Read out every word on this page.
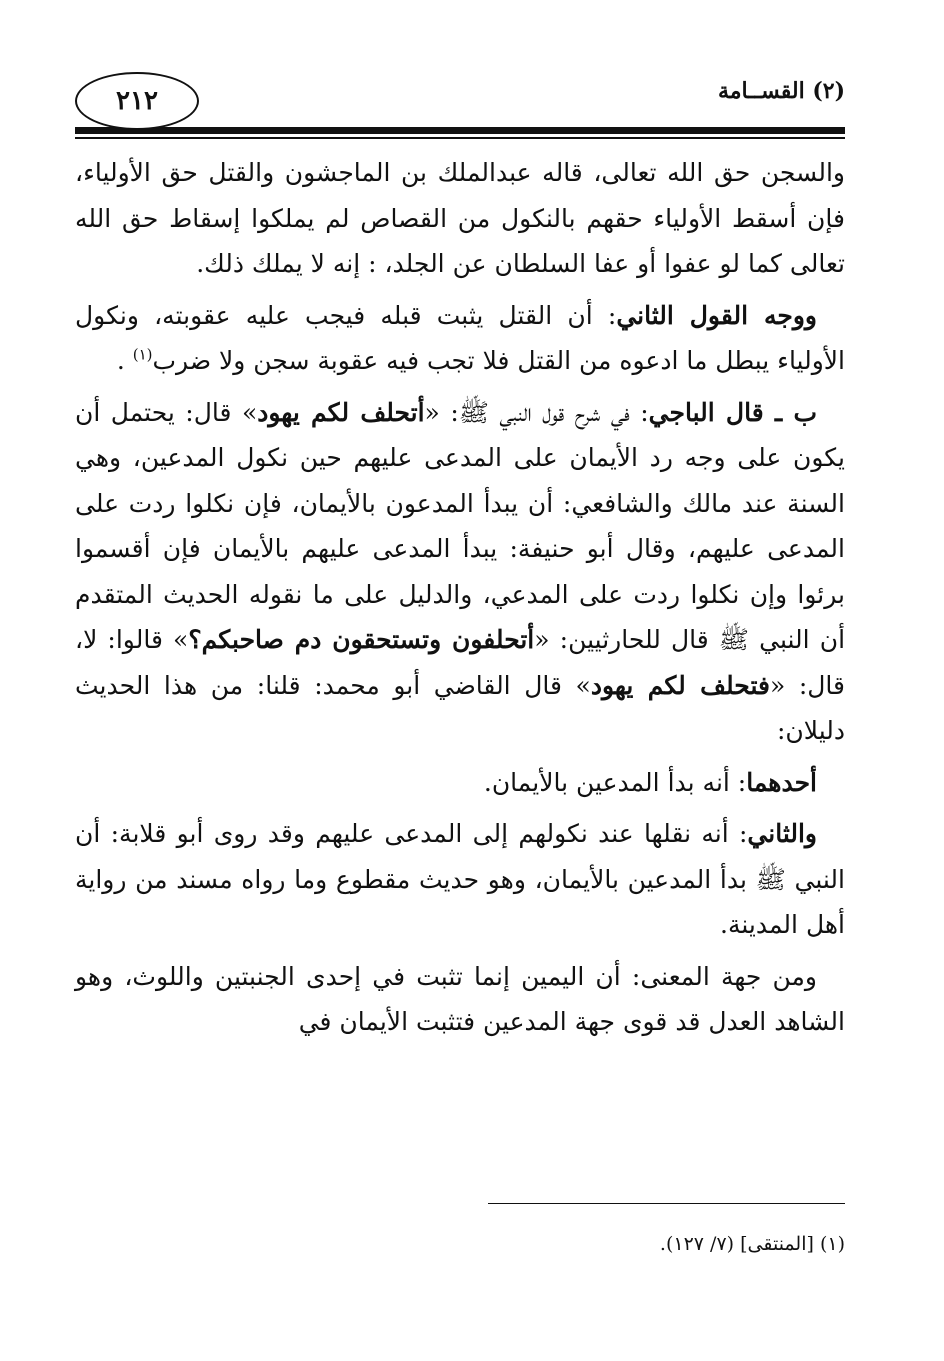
٢١٢	(٢) القســامة

والسجن حق الله تعالى، قاله عبدالملك بن الماجشون والقتل حق الأولياء، فإن أسقط الأولياء حقهم بالنكول من القصاص لم يملكوا إسقاط حق الله تعالى كما لو عفوا أو عفا السلطان عن الجلد، : إنه لا يملك ذلك.

ووجه القول الثاني: أن القتل يثبت قبله فيجب عليه عقوبته، ونكول الأولياء يبطل ما ادعوه من القتل فلا تجب فيه عقوبة سجن ولا ضرب$^{(١)}$ .

ب ـ قال الباجي: في شرح قول النبي ﷺ: «أتحلف لكم يهود» قال: يحتمل أن يكون على وجه رد الأيمان على المدعى عليهم حين نكول المدعين، وهي السنة عند مالك والشافعي: أن يبدأ المدعون بالأيمان، فإن نكلوا ردت على المدعى عليهم، وقال أبو حنيفة: يبدأ المدعى عليهم بالأيمان فإن أقسموا برئوا وإن نكلوا ردت على المدعي، والدليل على ما نقوله الحديث المتقدم أن النبي ﷺ قال للحارثيين: «أتحلفون وتستحقون دم صاحبكم؟» قالوا: لا، قال: «فتحلف لكم يهود» قال القاضي أبو محمد: قلنا: من هذا الحديث دليلان:

أحدهما: أنه بدأ المدعين بالأيمان.

والثاني: أنه نقلها عند نكولهم إلى المدعى عليهم وقد روى أبو قلابة: أن النبي ﷺ بدأ المدعين بالأيمان، وهو حديث مقطوع وما رواه مسند من رواية أهل المدينة.

ومن جهة المعنى: أن اليمين إنما تثبت في إحدى الجنبتين واللوث، وهو الشاهد العدل قد قوى جهة المدعين فتثبت الأيمان في

(١) [المنتقى] (٧/ ١٢٧).
